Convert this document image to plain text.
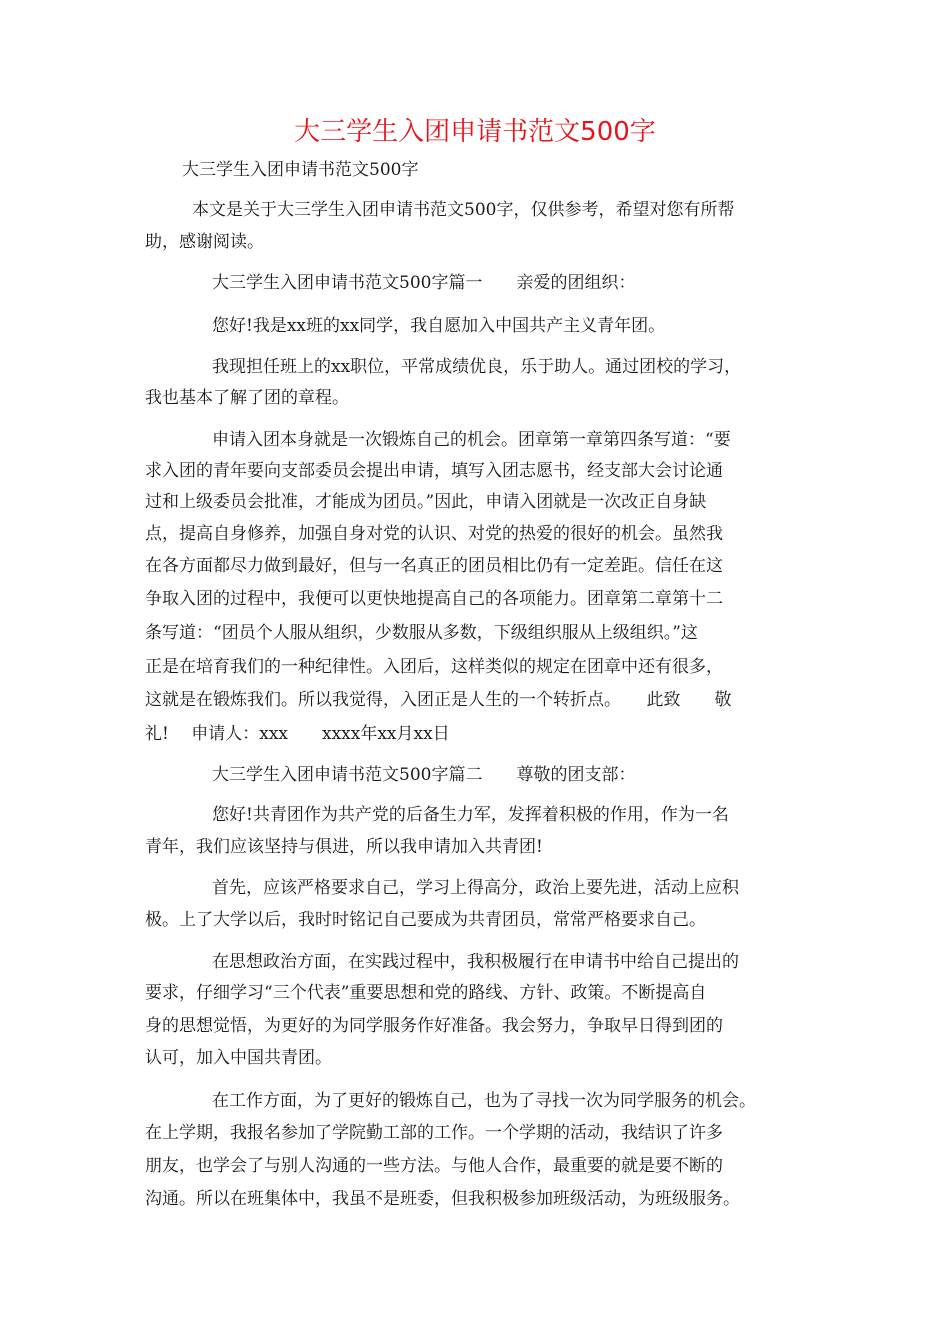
大三学生入团申请书范文500字
大三学生入团申请书范文500字
本文是关于大三学生入团申请书范文500字，仅供参考，希望对您有所帮
助，感谢阅读。
大三学生入团申请书范文500字篇一　　亲爱的团组织：
您好!我是xx班的xx同学，我自愿加入中国共产主义青年团。
我现担任班上的xx职位，平常成绩优良，乐于助人。通过团校的学习，
我也基本了解了团的章程。
申请入团本身就是一次锻炼自己的机会。团章第一章第四条写道：“要
求入团的青年要向支部委员会提出申请，填写入团志愿书，经支部大会讨论通
过和上级委员会批准，才能成为团员。”因此，申请入团就是一次改正自身缺
点，提高自身修养，加强自身对党的认识、对党的热爱的很好的机会。虽然我
在各方面都尽力做到最好，但与一名真正的团员相比仍有一定差距。信任在这
争取入团的过程中，我便可以更快地提高自己的各项能力。团章第二章第十二
条写道：“团员个人服从组织，少数服从多数，下级组织服从上级组织。”这
正是在培育我们的一种纪律性。入团后，这样类似的规定在团章中还有很多，
这就是在锻炼我们。所以我觉得，入团正是人生的一个转折点。　　此致　　敬
礼!　 申请人：xxx　　xxxx年xx月xx日
大三学生入团申请书范文500字篇二　　尊敬的团支部：
您好!共青团作为共产党的后备生力军，发挥着积极的作用，作为一名
青年，我们应该坚持与俱进，所以我申请加入共青团!
首先，应该严格要求自己，学习上得高分，政治上要先进，活动上应积
极。上了大学以后，我时时铭记自己要成为共青团员，常常严格要求自己。
在思想政治方面，在实践过程中，我积极履行在申请书中给自己提出的
要求，仔细学习“三个代表”重要思想和党的路线、方针、政策。不断提高自
身的思想觉悟，为更好的为同学服务作好准备。我会努力，争取早日得到团的
认可，加入中国共青团。
在工作方面，为了更好的锻炼自己，也为了寻找一次为同学服务的机会。
在上学期，我报名参加了学院勤工部的工作。一个学期的活动，我结识了许多
朋友，也学会了与别人沟通的一些方法。与他人合作，最重要的就是要不断的
沟通。所以在班集体中，我虽不是班委，但我积极参加班级活动，为班级服务。
